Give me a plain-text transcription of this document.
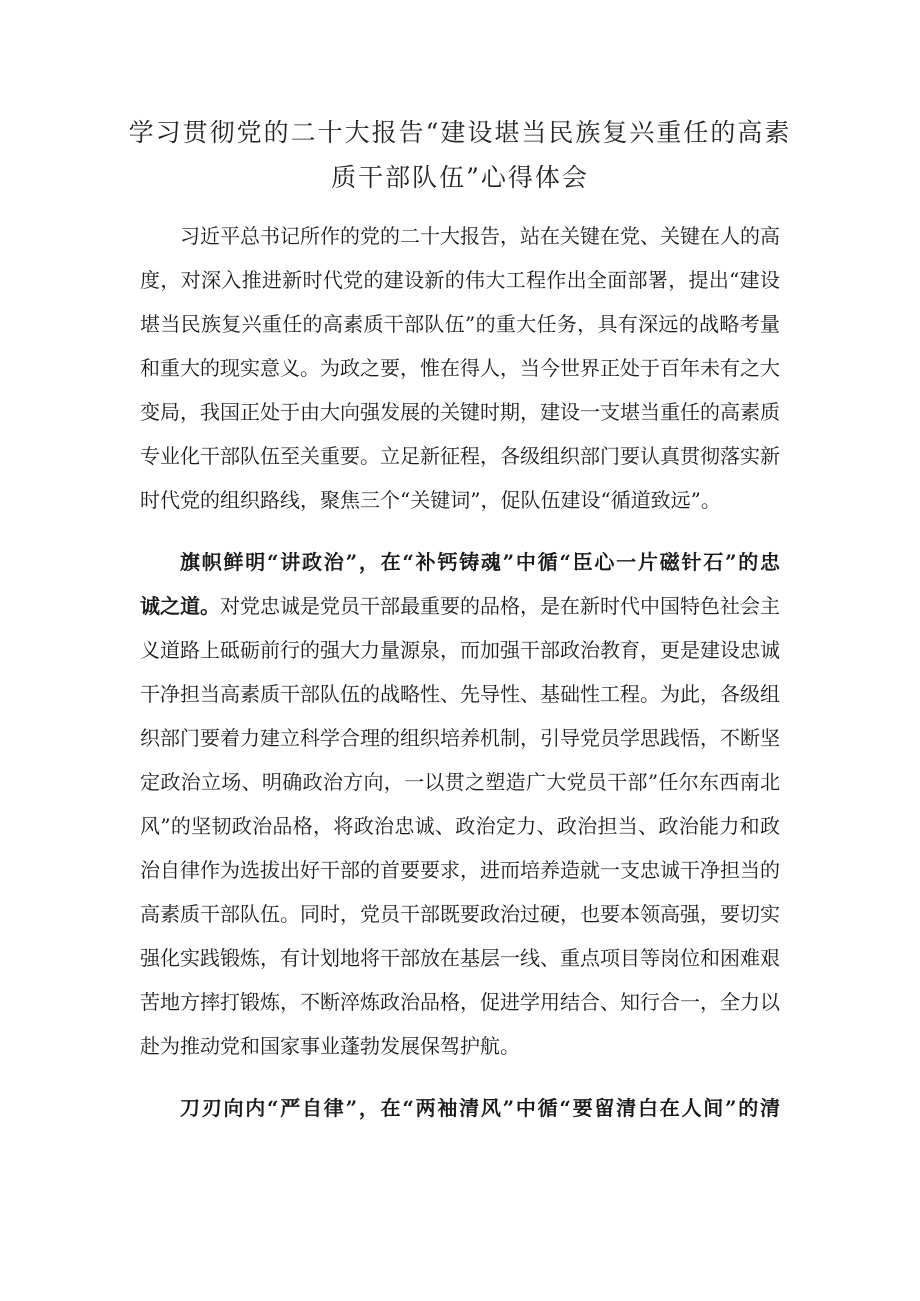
学习贯彻党的二十大报告“建设堪当民族复兴重任的高素
质干部队伍”心得体会
习近平总书记所作的党的二十大报告，站在关键在党、关键在人的高
度，对深入推进新时代党的建设新的伟大工程作出全面部署，提出“建设
堪当民族复兴重任的高素质干部队伍”的重大任务，具有深远的战略考量
和重大的现实意义。为政之要，惟在得人，当今世界正处于百年未有之大
变局，我国正处于由大向强发展的关键时期，建设一支堪当重任的高素质
专业化干部队伍至关重要。立足新征程，各级组织部门要认真贯彻落实新
时代党的组织路线，聚焦三个“关键词”，促队伍建设“循道致远”。
旗帜鲜明“讲政治”，在“补钙铸魂”中循“臣心一片磁针石”的忠
诚之道。对党忠诚是党员干部最重要的品格，是在新时代中国特色社会主
义道路上砥砺前行的强大力量源泉，而加强干部政治教育，更是建设忠诚
干净担当高素质干部队伍的战略性、先导性、基础性工程。为此，各级组
织部门要着力建立科学合理的组织培养机制，引导党员学思践悟，不断坚
定政治立场、明确政治方向，一以贯之塑造广大党员干部”任尔东西南北
风”的坚韧政治品格，将政治忠诚、政治定力、政治担当、政治能力和政
治自律作为选拔出好干部的首要要求，进而培养造就一支忠诚干净担当的
高素质干部队伍。同时，党员干部既要政治过硬，也要本领高强，要切实
强化实践锻炼，有计划地将干部放在基层一线、重点项目等岗位和困难艰
苦地方摔打锻炼，不断淬炼政治品格，促进学用结合、知行合一，全力以
赴为推动党和国家事业蓬勃发展保驾护航。
刀刃向内“严自律”，在“两袖清风”中循“要留清白在人间”的清
